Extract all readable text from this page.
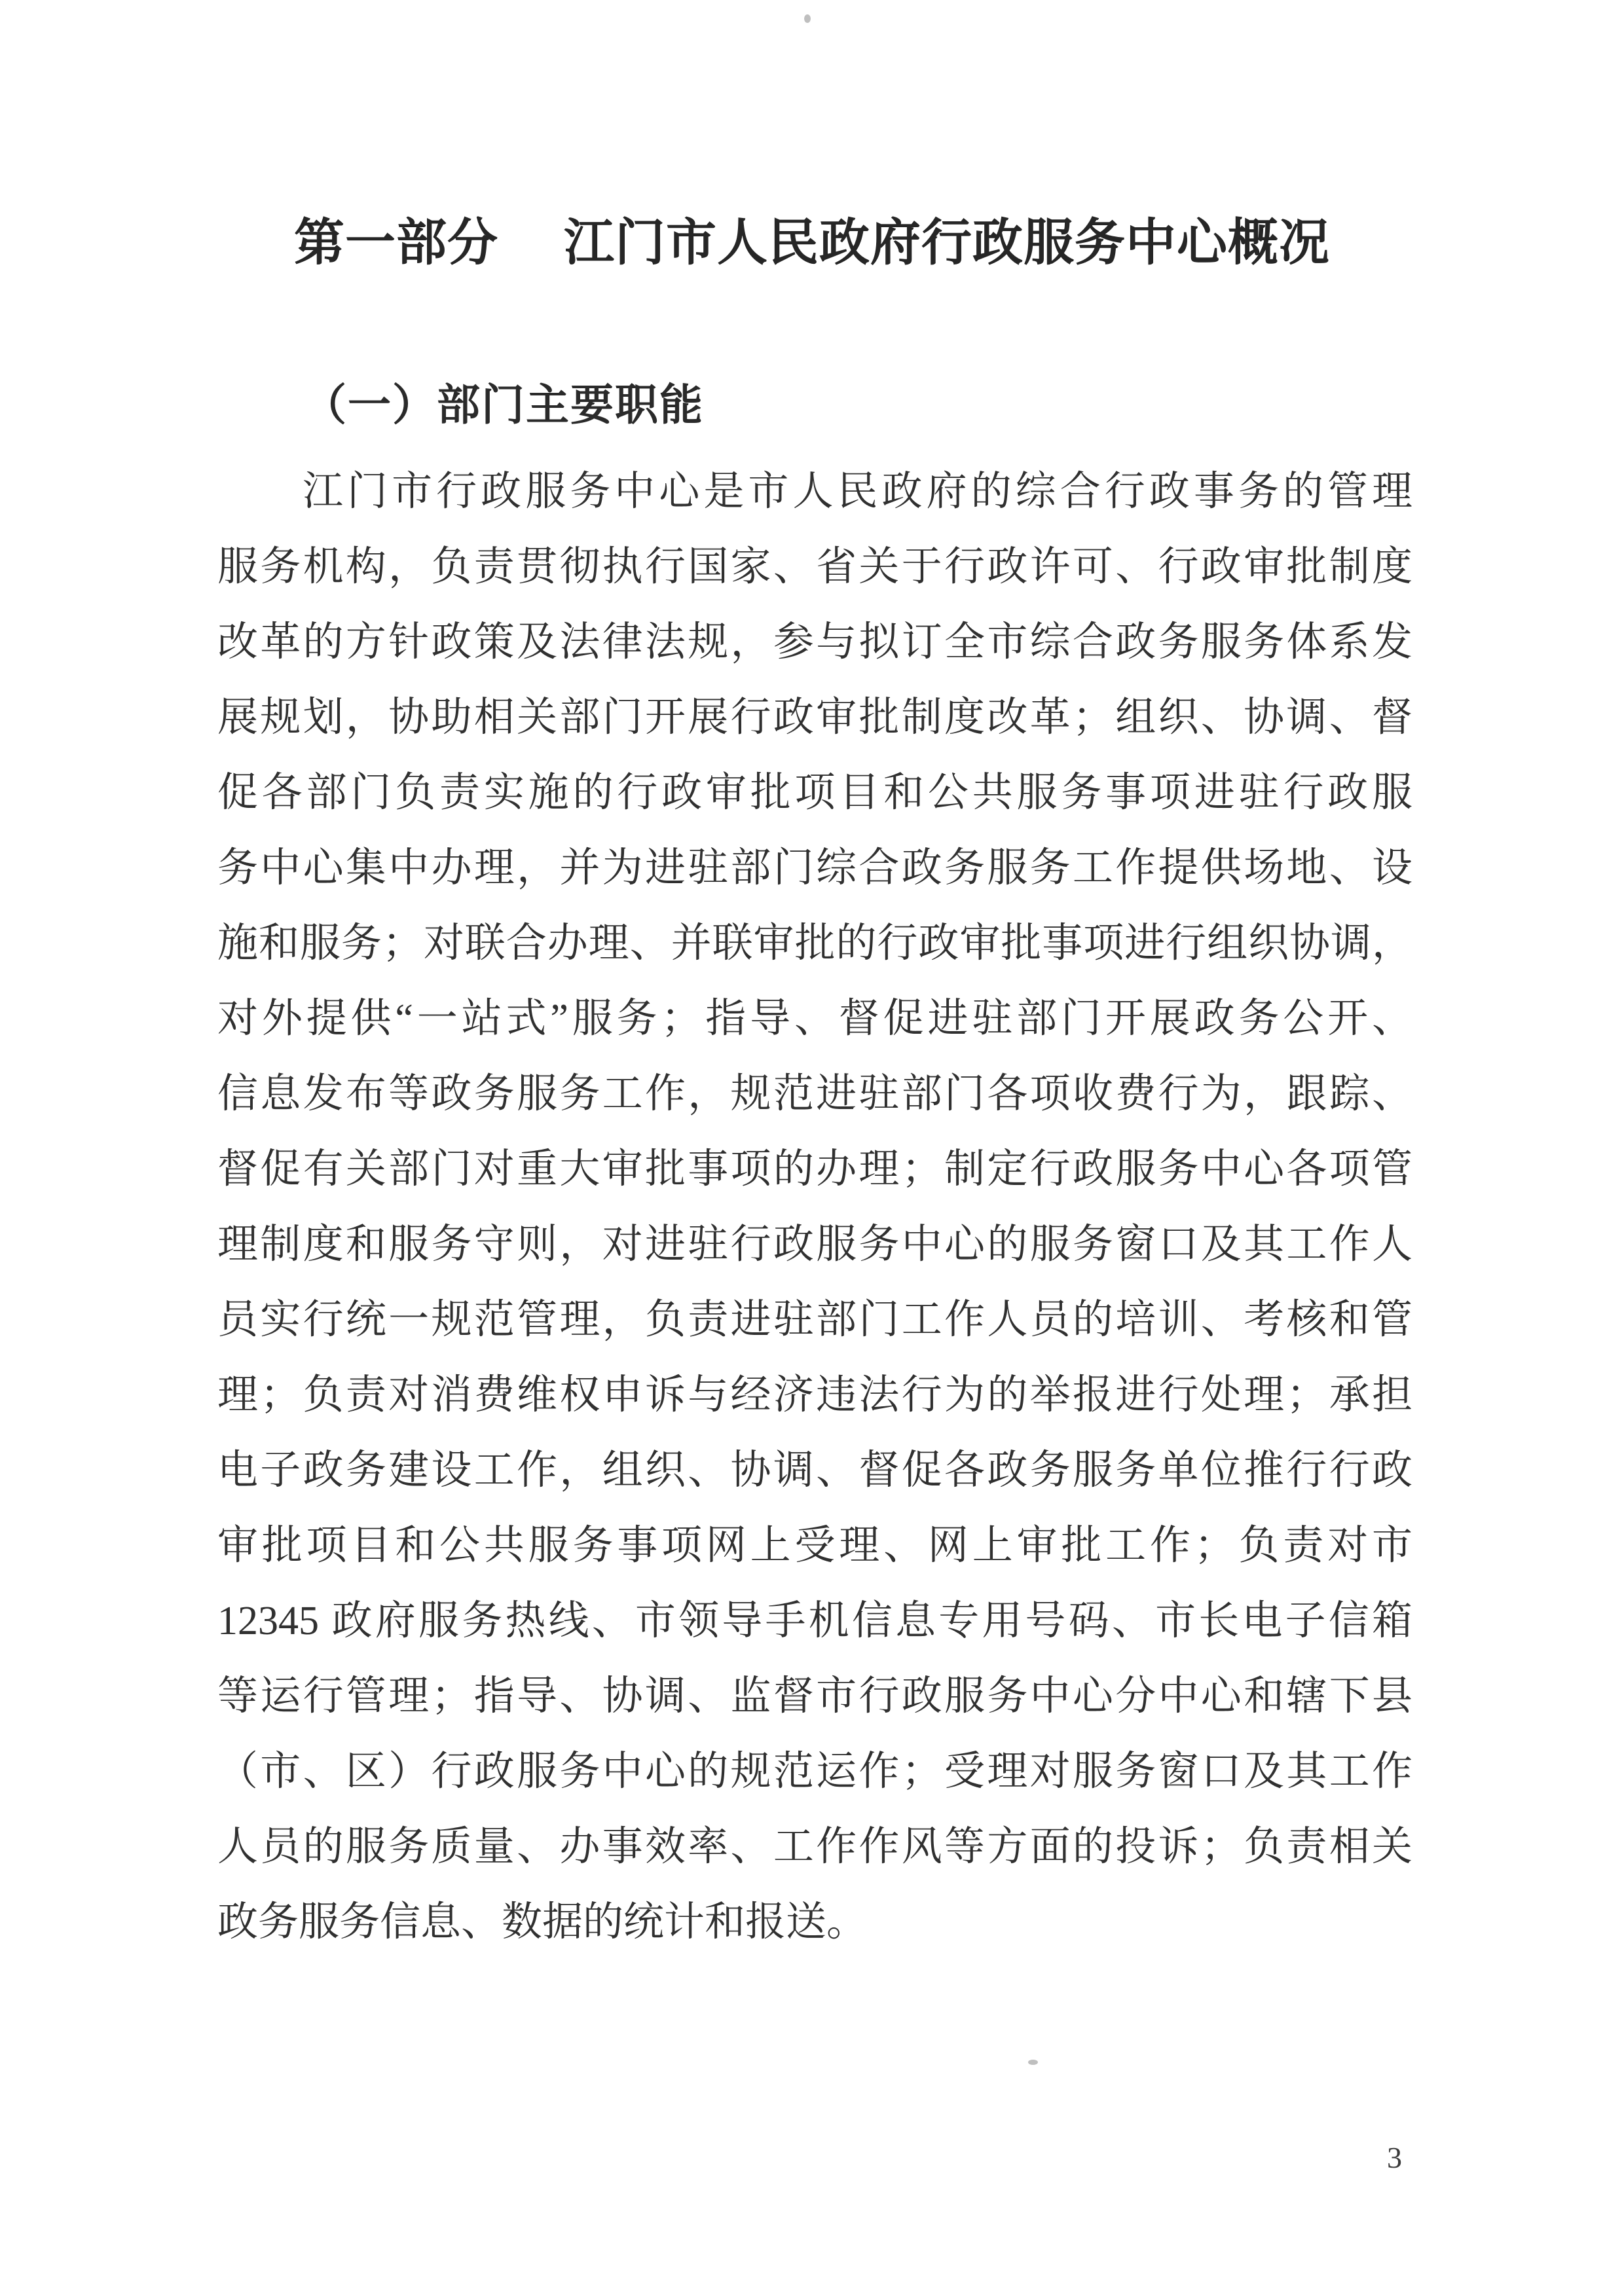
第一部分 江门市人民政府行政服务中心概况
（一）部门主要职能
江门市行政服务中心是市人民政府的综合行政事务的管理
服务机构，负责贯彻执行国家、省关于行政许可、行政审批制度
改革的方针政策及法律法规，参与拟订全市综合政务服务体系发
展规划，协助相关部门开展行政审批制度改革；组织、协调、督
促各部门负责实施的行政审批项目和公共服务事项进驻行政服
务中心集中办理，并为进驻部门综合政务服务工作提供场地、设
施和服务；对联合办理、并联审批的行政审批事项进行组织协调，
对外提供“一站式”服务；指导、督促进驻部门开展政务公开、
信息发布等政务服务工作，规范进驻部门各项收费行为，跟踪、
督促有关部门对重大审批事项的办理；制定行政服务中心各项管
理制度和服务守则，对进驻行政服务中心的服务窗口及其工作人
员实行统一规范管理，负责进驻部门工作人员的培训、考核和管
理；负责对消费维权申诉与经济违法行为的举报进行处理；承担
电子政务建设工作，组织、协调、督促各政务服务单位推行行政
审批项目和公共服务事项网上受理、网上审批工作；负责对市
12345 政府服务热线、市领导手机信息专用号码、市长电子信箱
等运行管理；指导、协调、监督市行政服务中心分中心和辖下县
（市、区）行政服务中心的规范运作；受理对服务窗口及其工作
人员的服务质量、办事效率、工作作风等方面的投诉；负责相关
政务服务信息、数据的统计和报送。
3
